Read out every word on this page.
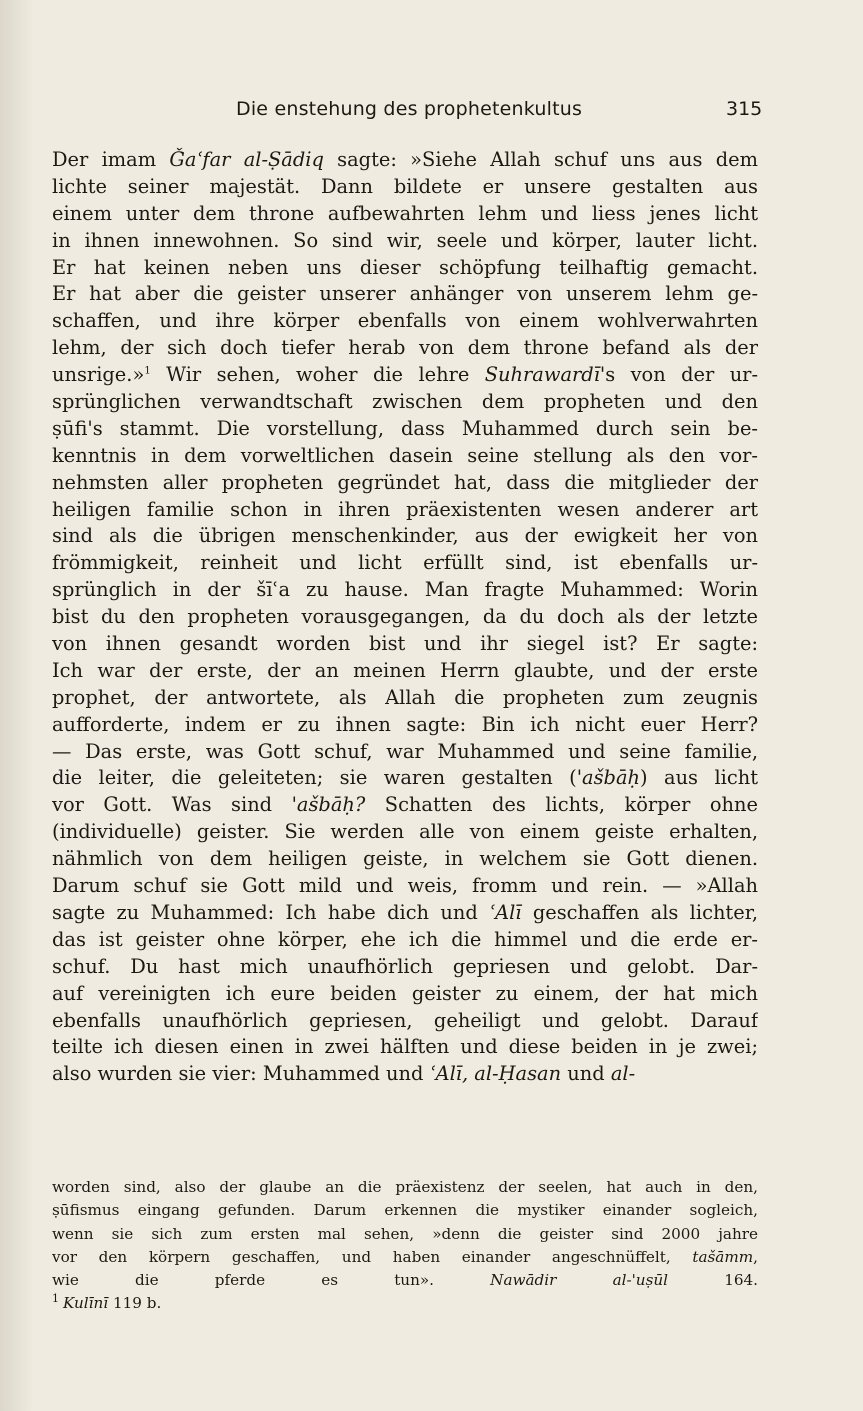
Die enstehung des prophetenkultus	315
Der imam Ǧaʿfar al-Ṣādiq sagte: »Siehe Allah schuf uns aus dem
lichte seiner majestät. Dann bildete er unsere gestalten aus
einem unter dem throne aufbewahrten lehm und liess jenes licht
in ihnen innewohnen. So sind wir, seele und körper, lauter licht.
Er hat keinen neben uns dieser schöpfung teilhaftig gemacht.
Er hat aber die geister unserer anhänger von unserem lehm ge-
schaffen, und ihre körper ebenfalls von einem wohlverwahrten
lehm, der sich doch tiefer herab von dem throne befand als der
unsrige.»$^1$ Wir sehen, woher die lehre Suhrawardī's von der ur-
sprünglichen verwandtschaft zwischen dem propheten und den
ṣūfi's stammt. Die vorstellung, dass Muhammed durch sein be-
kenntnis in dem vorweltlichen dasein seine stellung als den vor-
nehmsten aller propheten gegründet hat, dass die mitglieder der
heiligen familie schon in ihren präexistenten wesen anderer art
sind als die übrigen menschenkinder, aus der ewigkeit her von
frömmigkeit, reinheit und licht erfüllt sind, ist ebenfalls ur-
sprünglich in der šīʿa zu hause. Man fragte Muhammed: Worin
bist du den propheten vorausgegangen, da du doch als der letzte
von ihnen gesandt worden bist und ihr siegel ist? Er sagte:
Ich war der erste, der an meinen Herrn glaubte, und der erste
prophet, der antwortete, als Allah die propheten zum zeugnis
aufforderte, indem er zu ihnen sagte: Bin ich nicht euer Herr?
— Das erste, was Gott schuf, war Muhammed und seine familie,
die leiter, die geleiteten; sie waren gestalten ('ašbāḥ) aus licht
vor Gott. Was sind 'ašbāḥ? Schatten des lichts, körper ohne
(individuelle) geister. Sie werden alle von einem geiste erhalten,
nähmlich von dem heiligen geiste, in welchem sie Gott dienen.
Darum schuf sie Gott mild und weis, fromm und rein. — »Allah
sagte zu Muhammed: Ich habe dich und ʿAlī geschaffen als lichter,
das ist geister ohne körper, ehe ich die himmel und die erde er-
schuf. Du hast mich unaufhörlich gepriesen und gelobt. Dar-
auf vereinigten ich eure beiden geister zu einem, der hat mich
ebenfalls unaufhörlich gepriesen, geheiligt und gelobt. Darauf
teilte ich diesen einen in zwei hälften und diese beiden in je zwei;
also wurden sie vier: Muhammed und ʿAlī, al-Ḥasan und al-
worden sind, also der glaube an die präexistenz der seelen, hat auch in den,
ṣūfismus eingang gefunden. Darum erkennen die mystiker einander sogleich,
wenn sie sich zum ersten mal sehen, »denn die geister sind 2000 jahre
vor den körpern geschaffen, und haben einander angeschnüffelt, tašāmm,
wie die pferde es tun». Nawādir al-'uṣūl 164.
$^1$ Kulīnī 119 b.
